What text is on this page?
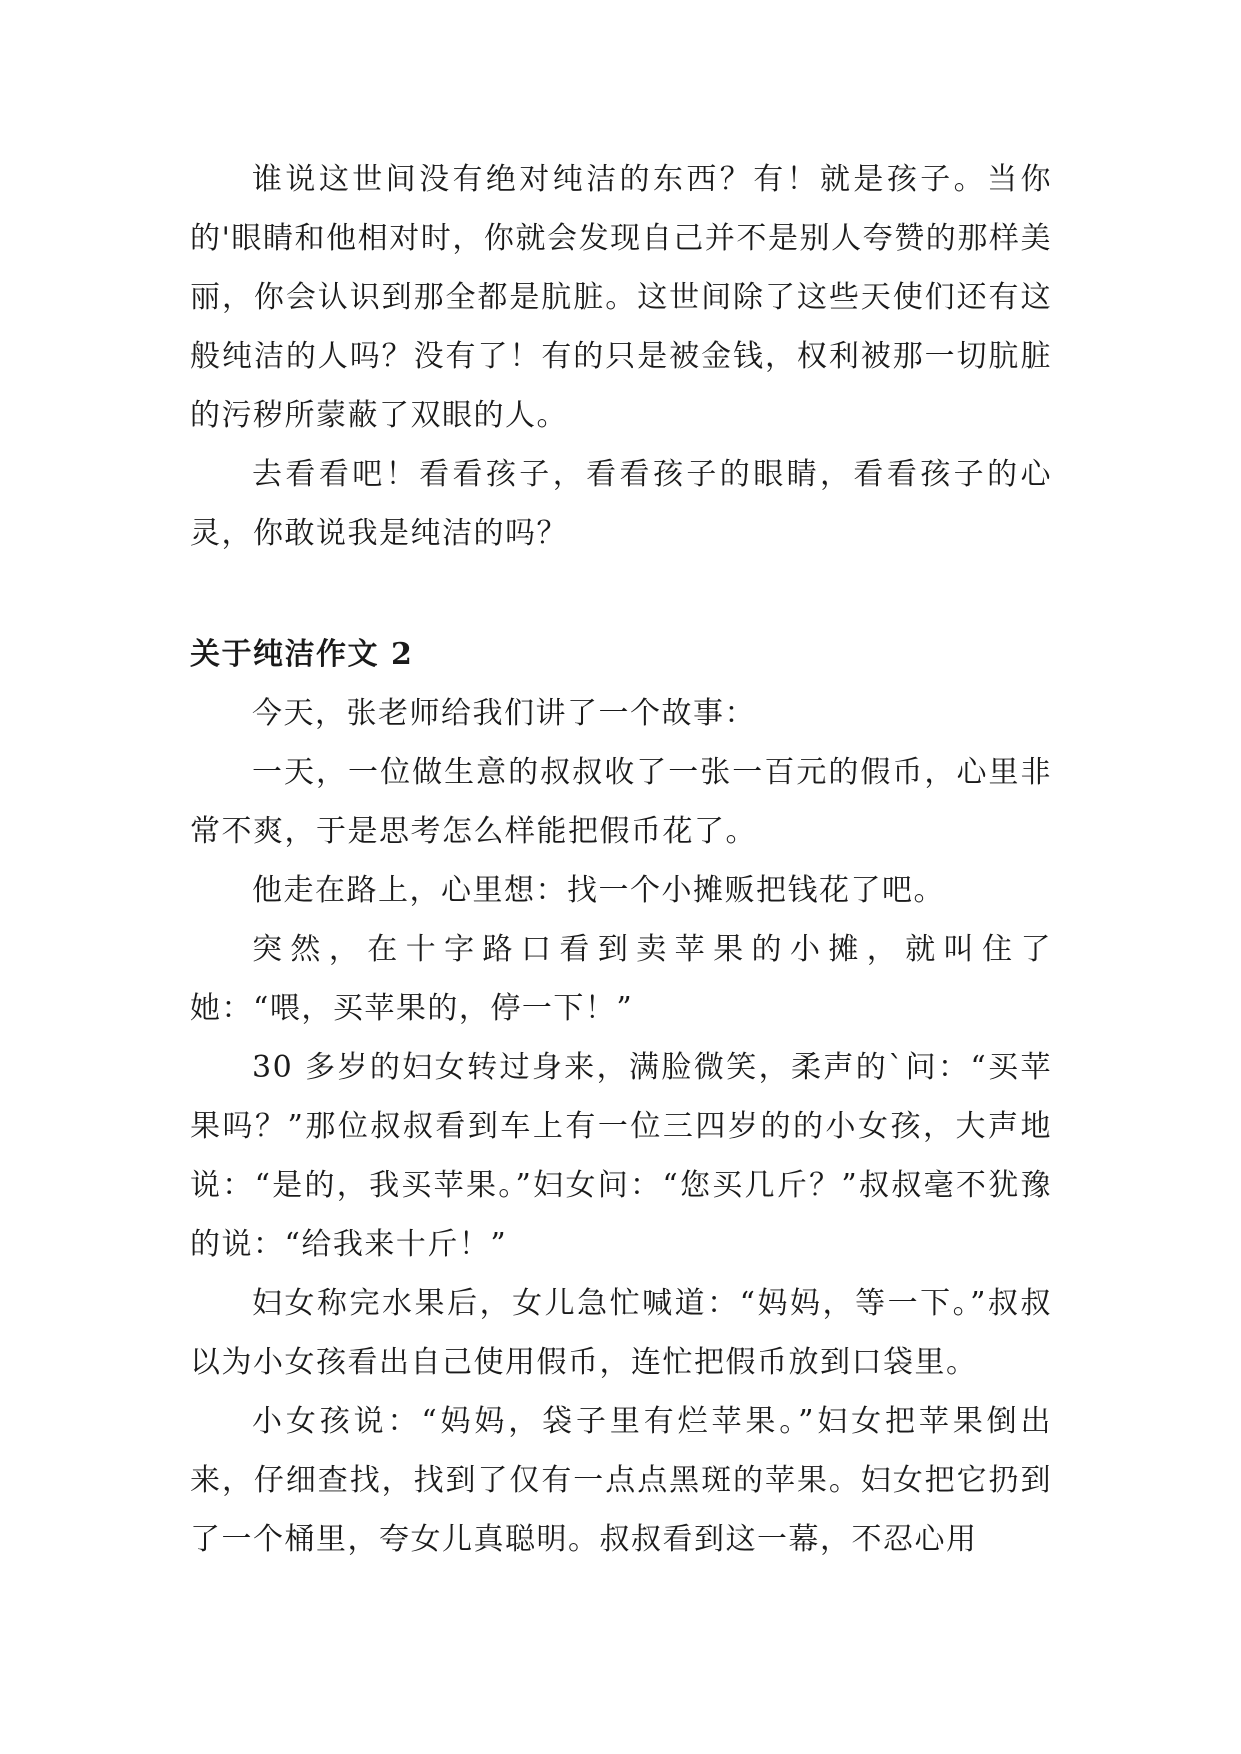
谁说这世间没有绝对纯洁的东西？有！就是孩子。当你的'眼睛和他相对时，你就会发现自己并不是别人夸赞的那样美丽，你会认识到那全都是肮脏。这世间除了这些天使们还有这般纯洁的人吗？没有了！有的只是被金钱，权利被那一切肮脏的污秽所蒙蔽了双眼的人。

去看看吧！看看孩子，看看孩子的眼睛，看看孩子的心灵，你敢说我是纯洁的吗？

关于纯洁作文 2

今天，张老师给我们讲了一个故事：

一天，一位做生意的叔叔收了一张一百元的假币，心里非常不爽，于是思考怎么样能把假币花了。

他走在路上，心里想：找一个小摊贩把钱花了吧。

突然，在十字路口看到卖苹果的小摊，就叫住了她：“喂，买苹果的，停一下！”

30 多岁的妇女转过身来，满脸微笑，柔声的`问：“买苹果吗？”那位叔叔看到车上有一位三四岁的的小女孩，大声地说：“是的，我买苹果。”妇女问：“您买几斤？”叔叔毫不犹豫的说：“给我来十斤！”

妇女称完水果后，女儿急忙喊道：“妈妈，等一下。”叔叔以为小女孩看出自己使用假币，连忙把假币放到口袋里。

小女孩说：“妈妈，袋子里有烂苹果。”妇女把苹果倒出来，仔细查找，找到了仅有一点点黑斑的苹果。妇女把它扔到了一个桶里，夸女儿真聪明。叔叔看到这一幕，不忍心用
